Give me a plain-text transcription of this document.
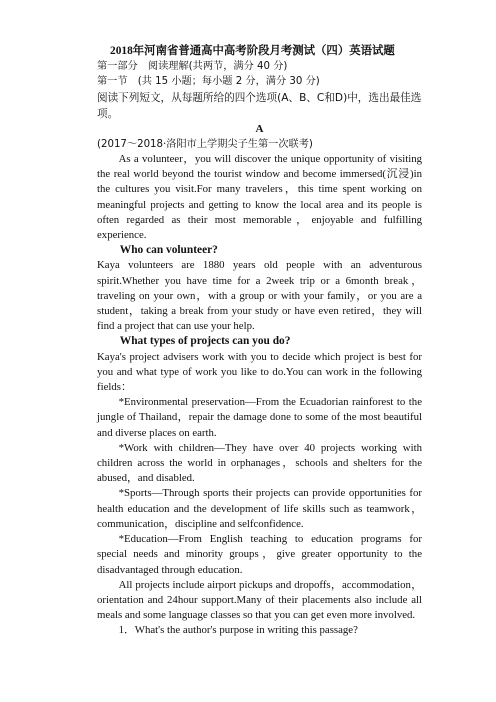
2018年河南省普通高中高考阶段月考测试（四）英语试题
第一部分　阅读理解(共两节，满分 40 分)
第一节　(共 15 小题；每小题 2 分，满分 30 分)
阅读下列短文，从每题所给的四个选项(A、B、C和D)中，选出最佳选项。
A
(2017～2018·洛阳市上学期尖子生第一次联考)

As a volunteer，you will discover the unique opportunity of visiting the real world beyond the tourist window and become immersed(沉浸)in the cultures you visit.For many travelers，this time spent working on meaningful projects and getting to know the local area and its people is often regarded as their most memorable，enjoyable and fulfilling experience.

Who can volunteer?

Kaya volunteers are 1880 years old people with an adventurous spirit.Whether you have time for a 2week trip or a 6month break，traveling on your own，with a group or with your family，or you are a student，taking a break from your study or have even retired，they will find a project that can use your help.

What types of projects can you do?

Kaya's project advisers work with you to decide which project is best for you and what type of work you like to do.You can work in the following fields：

*Environmental preservation—From the Ecuadorian rainforest to the jungle of Thailand，repair the damage done to some of the most beautiful and diverse places on earth.

*Work with children—They have over 40 projects working with children across the world in orphanages，schools and shelters for the abused，and disabled.

*Sports—Through sports their projects can provide opportunities for health education and the development of life skills such as teamwork，communication，discipline and selfconfidence.

*Education—From English teaching to education programs for special needs and minority groups，give greater opportunity to the disadvantaged through education.

All projects include airport pickups and dropoffs，accommodation，orientation and 24hour support.Many of their placements also include all meals and some language classes so that you can get even more involved.

1．What's the author's purpose in writing this passage?
